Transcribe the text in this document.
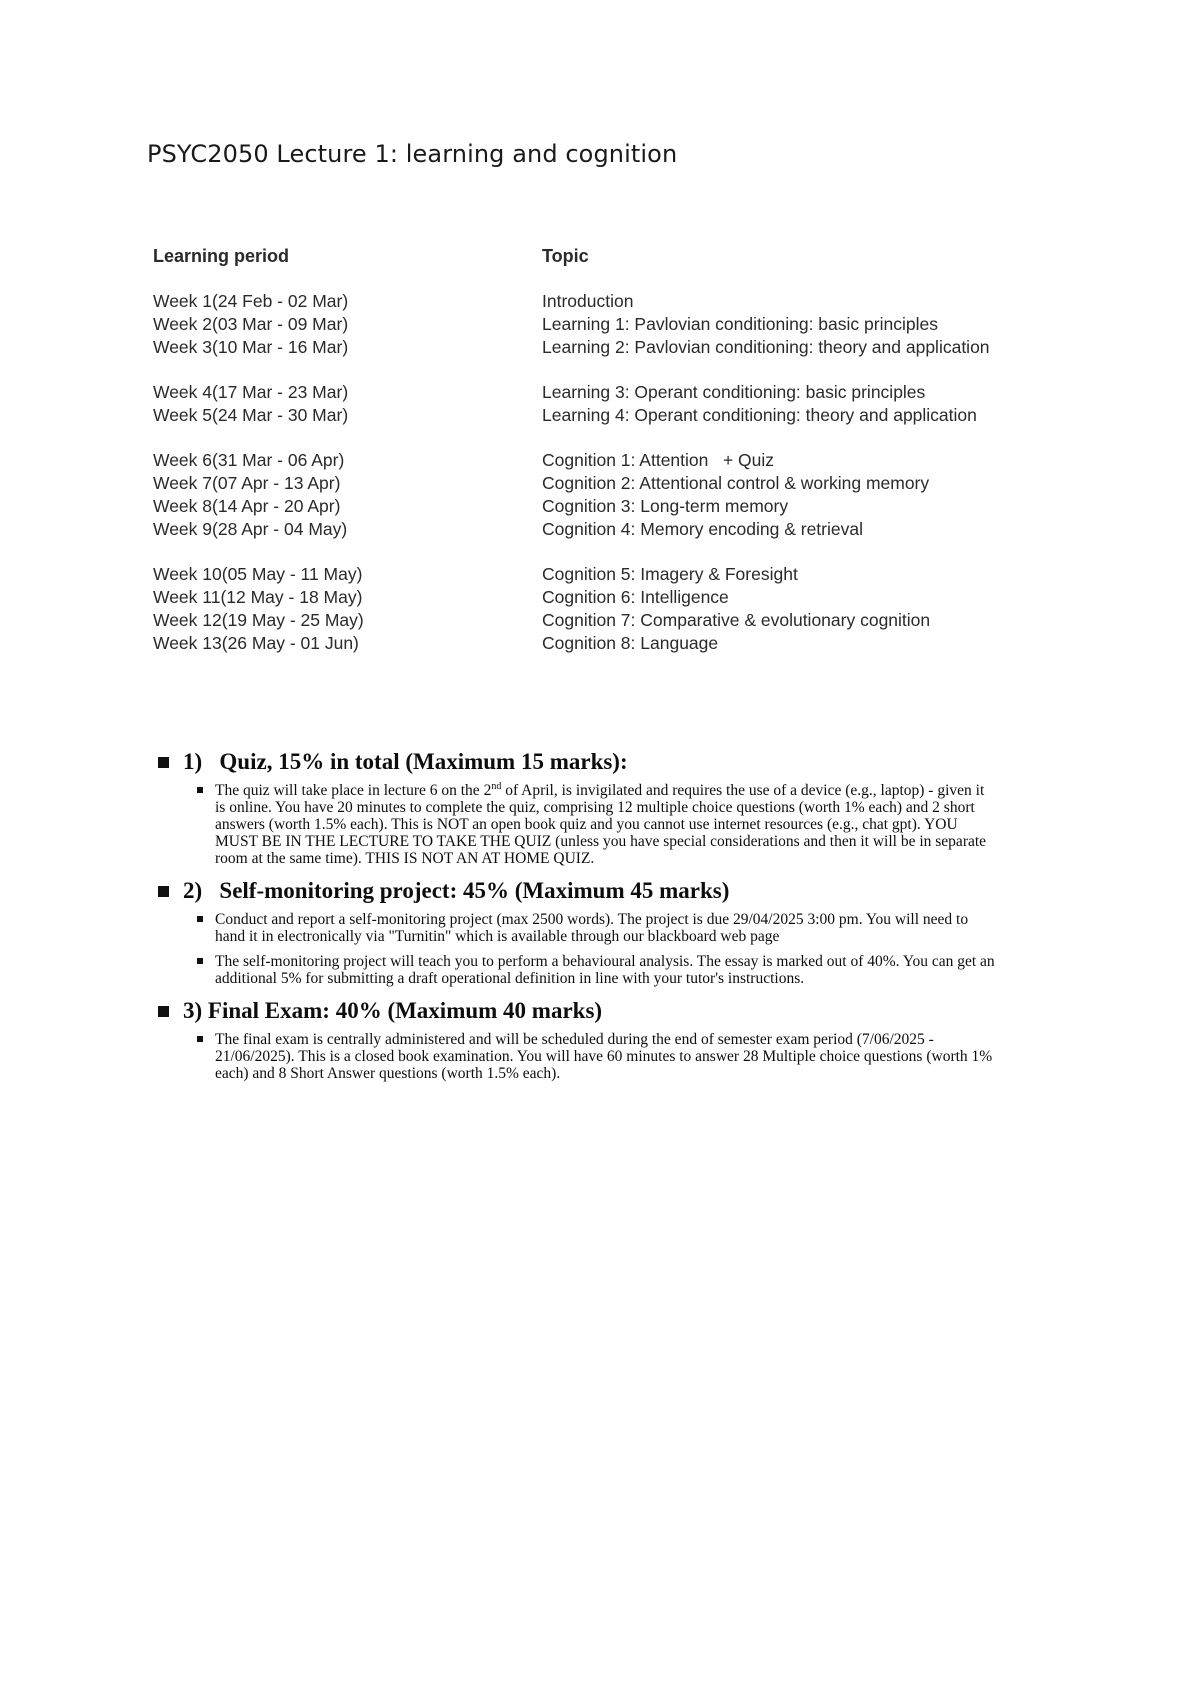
PSYC2050 Lecture 1: learning and cognition
Learning period	Topic
Week 1(24 Feb - 02 Mar)	Introduction
Week 2(03 Mar - 09 Mar)	Learning 1: Pavlovian conditioning: basic principles
Week 3(10 Mar - 16 Mar)	Learning 2: Pavlovian conditioning: theory and application
Week 4(17 Mar - 23 Mar)	Learning 3: Operant conditioning: basic principles
Week 5(24 Mar - 30 Mar)	Learning 4: Operant conditioning: theory and application
Week 6(31 Mar - 06 Apr)	Cognition 1: Attention   + Quiz
Week 7(07 Apr - 13 Apr)	Cognition 2: Attentional control & working memory
Week 8(14 Apr - 20 Apr)	Cognition 3: Long-term memory
Week 9(28 Apr - 04 May)	Cognition 4: Memory encoding & retrieval
Week 10(05 May - 11 May)	Cognition 5: Imagery & Foresight
Week 11(12 May - 18 May)	Cognition 6: Intelligence
Week 12(19 May - 25 May)	Cognition 7: Comparative & evolutionary cognition
Week 13(26 May - 01 Jun)	Cognition 8: Language
1)   Quiz, 15% in total (Maximum 15 marks):
The quiz will take place in lecture 6 on the 2nd of April, is invigilated and requires the use of a device (e.g., laptop) - given it is online. You have 20 minutes to complete the quiz, comprising 12 multiple choice questions (worth 1% each) and 2 short answers (worth 1.5% each). This is NOT an open book quiz and you cannot use internet resources (e.g., chat gpt). YOU MUST BE IN THE LECTURE TO TAKE THE QUIZ (unless you have special considerations and then it will be in separate room at the same time). THIS IS NOT AN AT HOME QUIZ.
2)   Self-monitoring project: 45% (Maximum 45 marks)
Conduct and report a self-monitoring project (max 2500 words). The project is due 29/04/2025 3:00 pm. You will need to hand it in electronically via "Turnitin" which is available through our blackboard web page
The self-monitoring project will teach you to perform a behavioural analysis. The essay is marked out of 40%. You can get an additional 5% for submitting a draft operational definition in line with your tutor's instructions.
3) Final Exam: 40% (Maximum 40 marks)
The final exam is centrally administered and will be scheduled during the end of semester exam period (7/06/2025 - 21/06/2025). This is a closed book examination. You will have 60 minutes to answer 28 Multiple choice questions (worth 1% each) and 8 Short Answer questions (worth 1.5% each).
